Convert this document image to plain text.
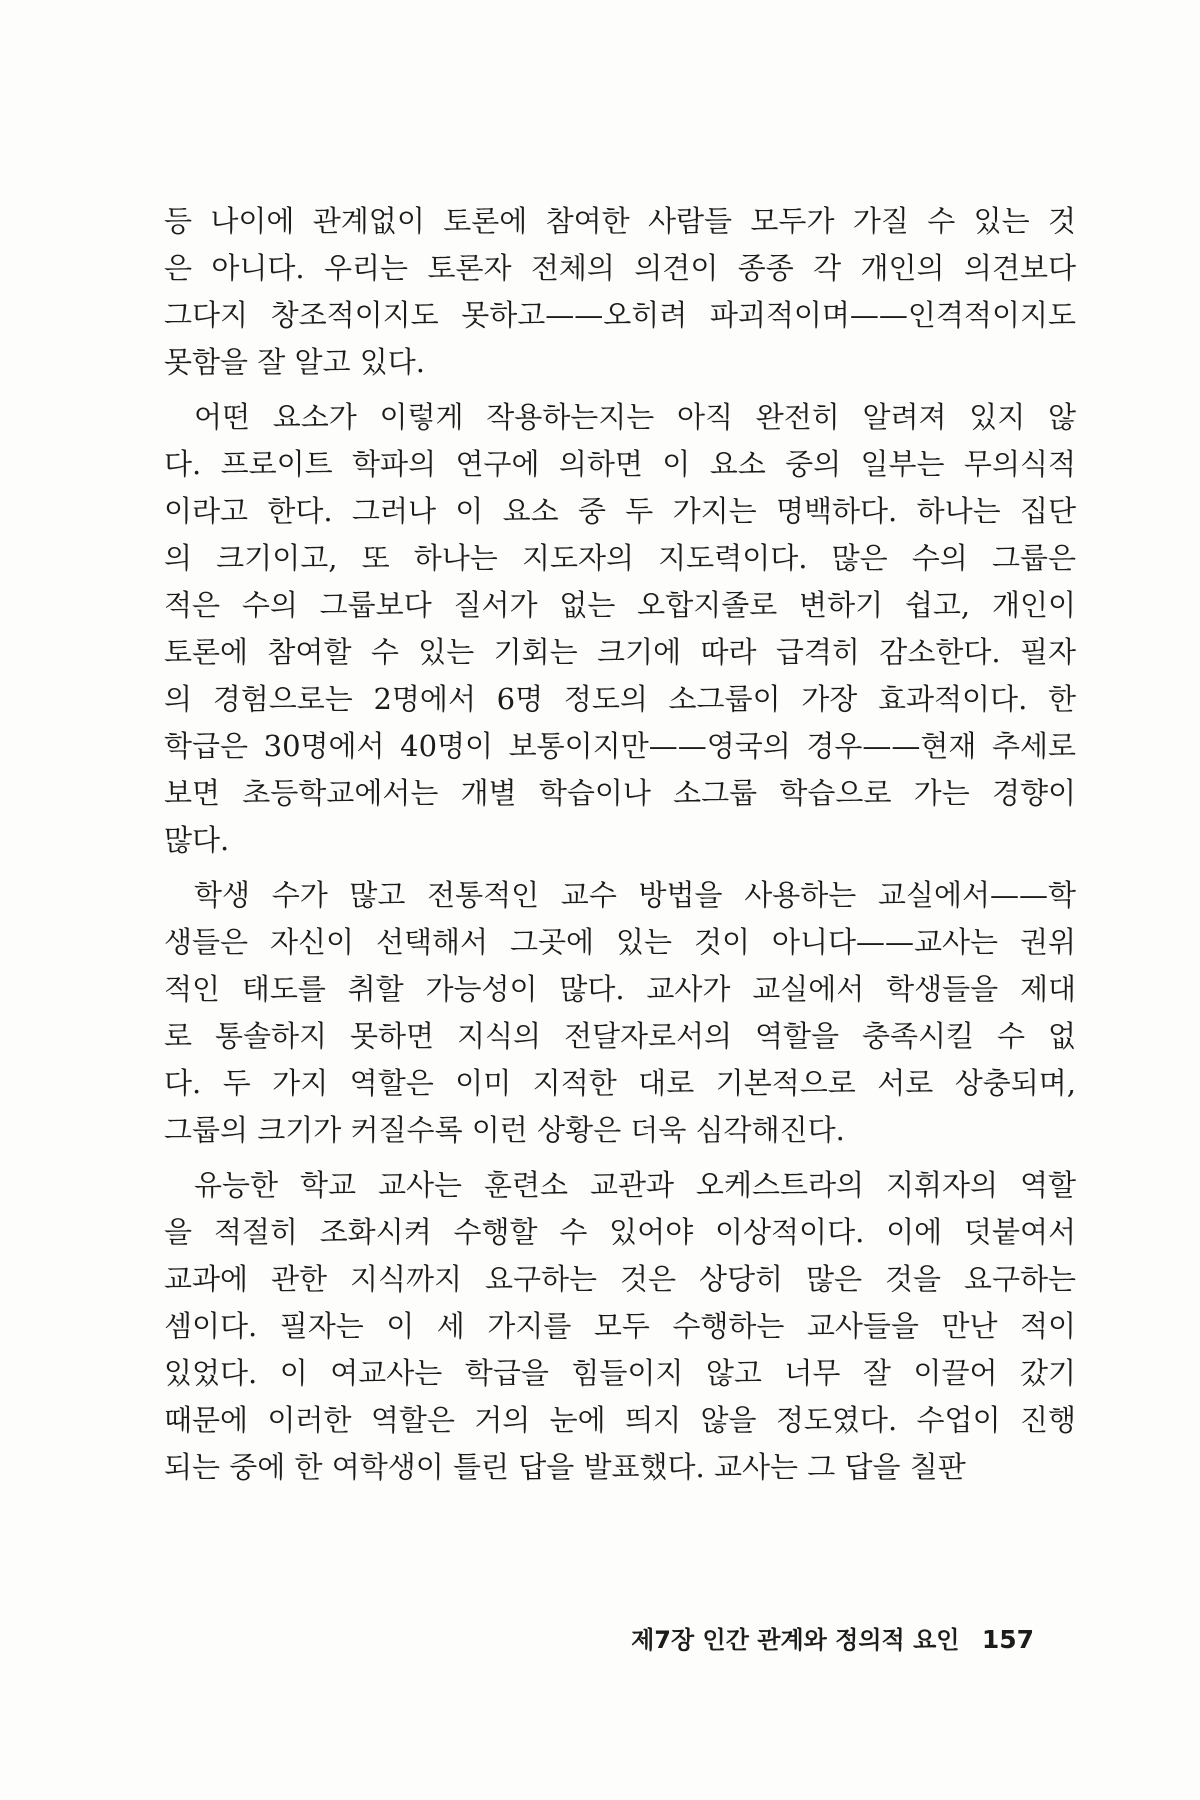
등 나이에 관계없이 토론에 참여한 사람들 모두가 가질 수 있는 것
은 아니다. 우리는 토론자 전체의 의견이 종종 각 개인의 의견보다
그다지 창조적이지도 못하고——오히려 파괴적이며——인격적이지도
못함을 잘 알고 있다.
어떤 요소가 이렇게 작용하는지는 아직 완전히 알려져 있지 않
다. 프로이트 학파의 연구에 의하면 이 요소 중의 일부는 무의식적
이라고 한다. 그러나 이 요소 중 두 가지는 명백하다. 하나는 집단
의 크기이고, 또 하나는 지도자의 지도력이다. 많은 수의 그룹은
적은 수의 그룹보다 질서가 없는 오합지졸로 변하기 쉽고, 개인이
토론에 참여할 수 있는 기회는 크기에 따라 급격히 감소한다. 필자
의 경험으로는 2명에서 6명 정도의 소그룹이 가장 효과적이다. 한
학급은 30명에서 40명이 보통이지만——영국의 경우——현재 추세로
보면 초등학교에서는 개별 학습이나 소그룹 학습으로 가는 경향이
많다.
학생 수가 많고 전통적인 교수 방법을 사용하는 교실에서——학
생들은 자신이 선택해서 그곳에 있는 것이 아니다——교사는 권위
적인 태도를 취할 가능성이 많다. 교사가 교실에서 학생들을 제대
로 통솔하지 못하면 지식의 전달자로서의 역할을 충족시킬 수 없
다. 두 가지 역할은 이미 지적한 대로 기본적으로 서로 상충되며,
그룹의 크기가 커질수록 이런 상황은 더욱 심각해진다.
유능한 학교 교사는 훈련소 교관과 오케스트라의 지휘자의 역할
을 적절히 조화시켜 수행할 수 있어야 이상적이다. 이에 덧붙여서
교과에 관한 지식까지 요구하는 것은 상당히 많은 것을 요구하는
셈이다. 필자는 이 세 가지를 모두 수행하는 교사들을 만난 적이
있었다. 이 여교사는 학급을 힘들이지 않고 너무 잘 이끌어 갔기
때문에 이러한 역할은 거의 눈에 띄지 않을 정도였다. 수업이 진행
되는 중에 한 여학생이 틀린 답을 발표했다. 교사는 그 답을 칠판
제7장 인간 관계와 정의적 요인 157
